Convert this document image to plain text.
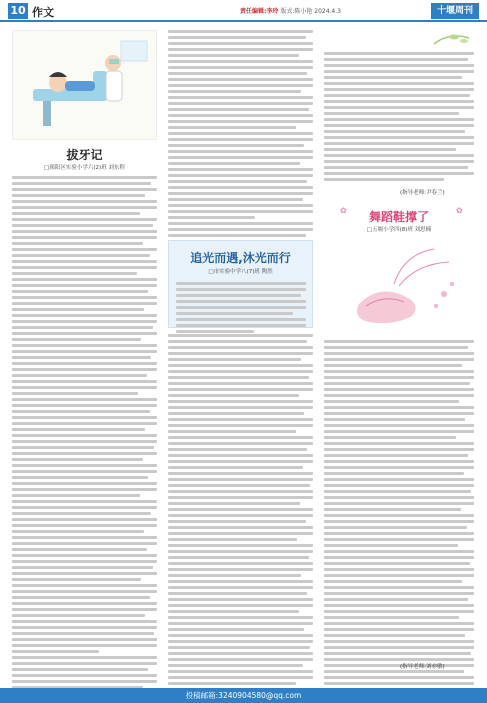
10 作文	责任编辑:李玲 版式:陈小艳 2024.4.3	十堰周刊
拔牙记
□郧阳区实验小学六(2)班 刘东程
追光而遇,沐光而行
□市实验中学八(7)班 陶然
(指导老师:尹春兰)
✿	✿
舞蹈鞋撑了
□五堰小学四(8)班 刘思楠
(指导老师:刘亦敏)
投稿邮箱:3240904580@qq.com
